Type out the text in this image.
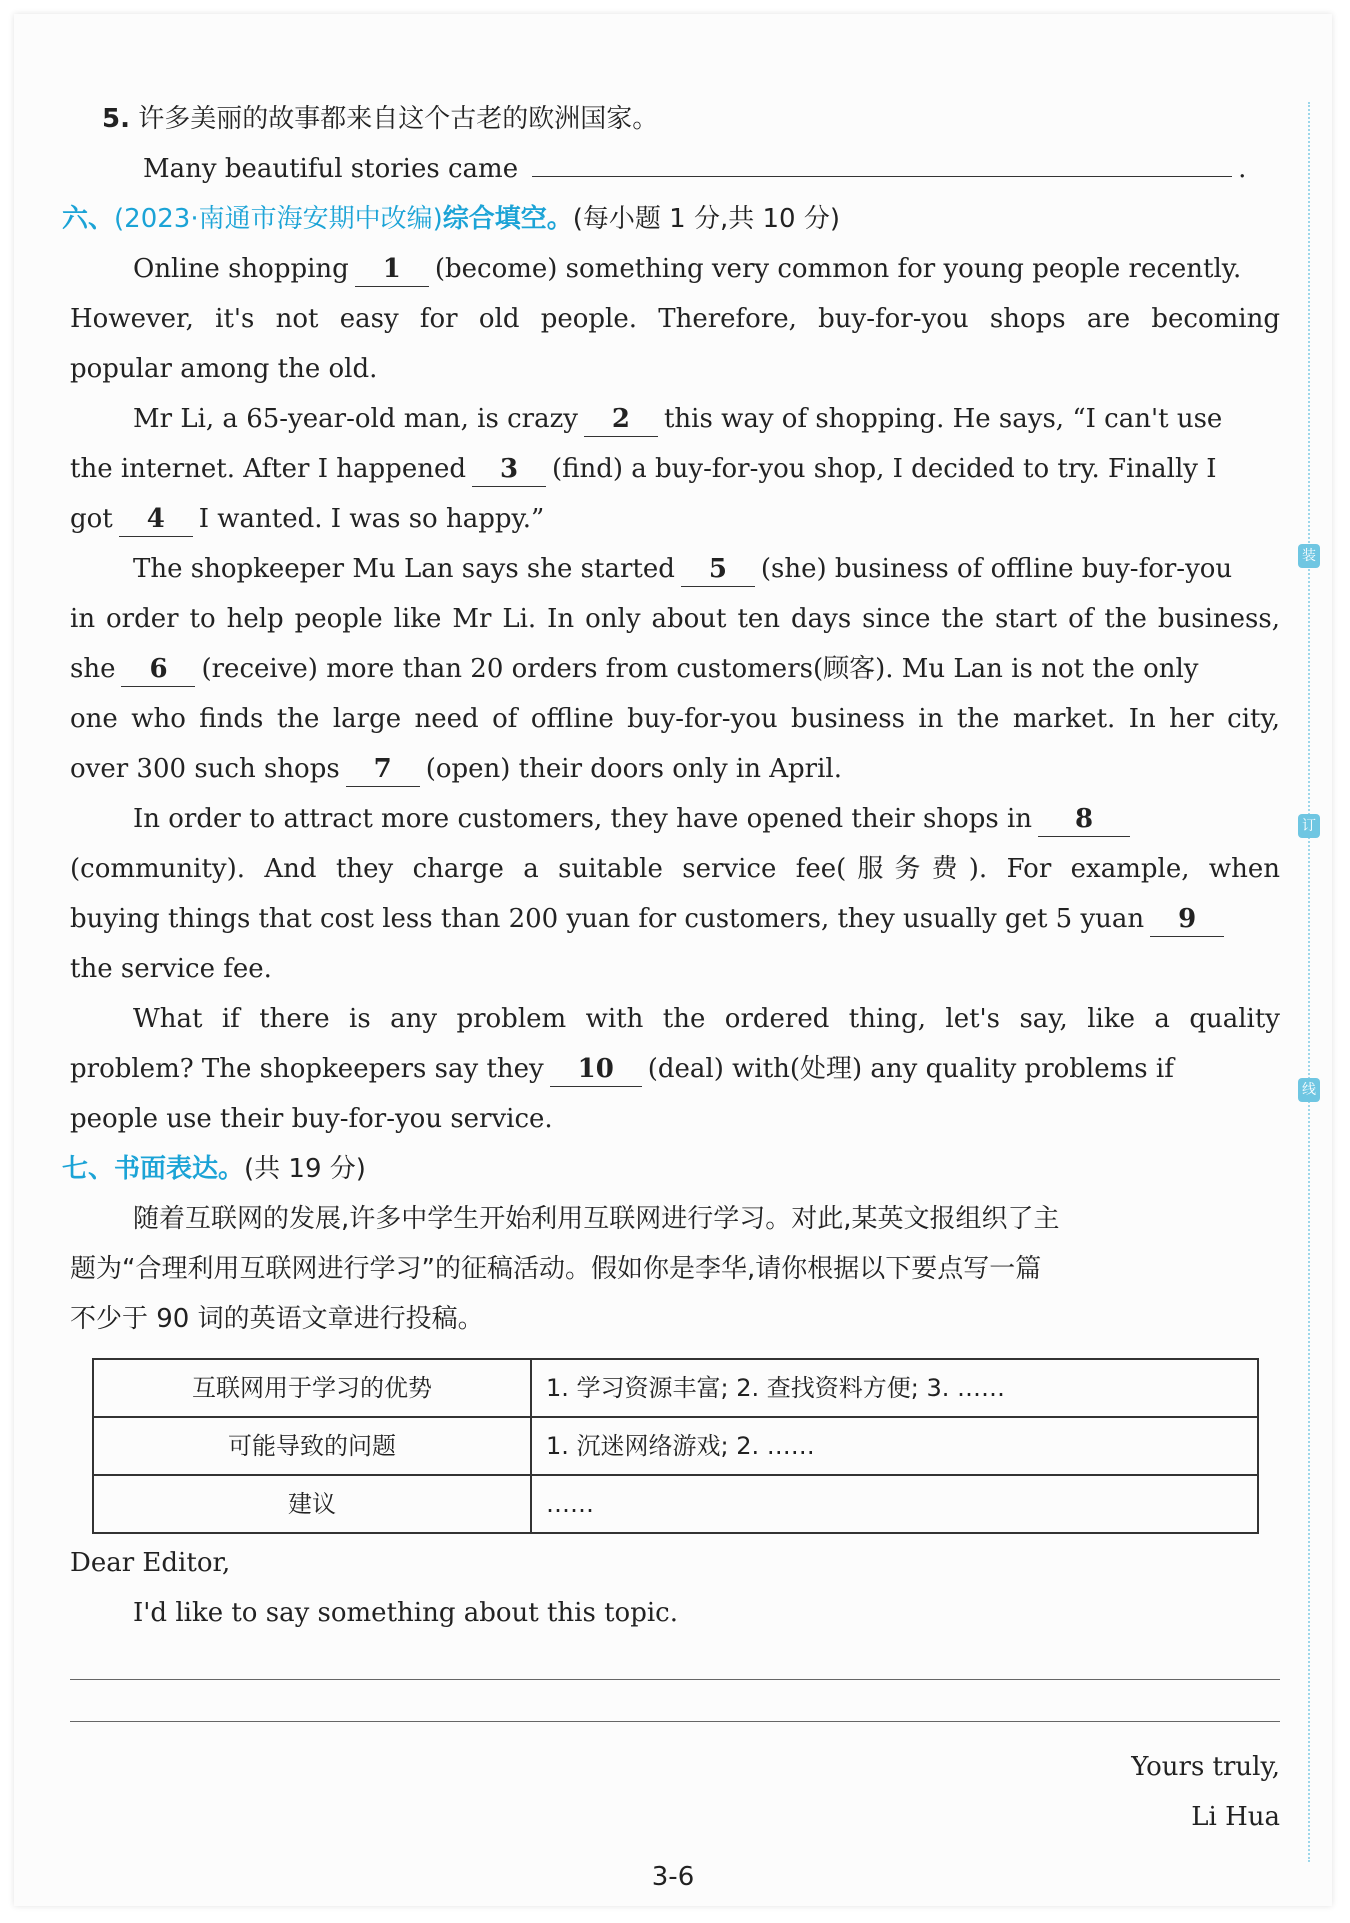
装
订
线
5. 许多美丽的故事都来自这个古老的欧洲国家。
Many beautiful stories came	.
六、(2023·南通市海安期中改编)综合填空。(每小题 1 分,共 10 分)
Online shopping 1 (become) something very common for young people recently.
However, it's not easy for old people. Therefore, buy-for-you shops are becoming
popular among the old.
Mr Li, a 65-year-old man, is crazy 2 this way of shopping. He says, “I can't use
the internet. After I happened 3 (find) a buy-for-you shop, I decided to try. Finally I
got 4 I wanted. I was so happy.”
The shopkeeper Mu Lan says she started 5 (she) business of offline buy-for-you
in order to help people like Mr Li. In only about ten days since the start of the business,
she 6 (receive) more than 20 orders from customers(顾客). Mu Lan is not the only
one who finds the large need of offline buy-for-you business in the market. In her city,
over 300 such shops 7 (open) their doors only in April.
In order to attract more customers, they have opened their shops in 8
(community). And they charge a suitable service fee(服务费). For example, when
buying things that cost less than 200 yuan for customers, they usually get 5 yuan 9
the service fee.
What if there is any problem with the ordered thing, let's say, like a quality
problem? The shopkeepers say they 10 (deal) with(处理) any quality problems if
people use their buy-for-you service.
七、书面表达。(共 19 分)
随着互联网的发展,许多中学生开始利用互联网进行学习。对此,某英文报组织了主
题为“合理利用互联网进行学习”的征稿活动。假如你是李华,请你根据以下要点写一篇
不少于 90 词的英语文章进行投稿。
互联网用于学习的优势	1. 学习资源丰富; 2. 查找资料方便; 3. ……
可能导致的问题	1. 沉迷网络游戏; 2. ……
建议	……
Dear Editor,
I'd like to say something about this topic.
Yours truly,
Li Hua
3-6
